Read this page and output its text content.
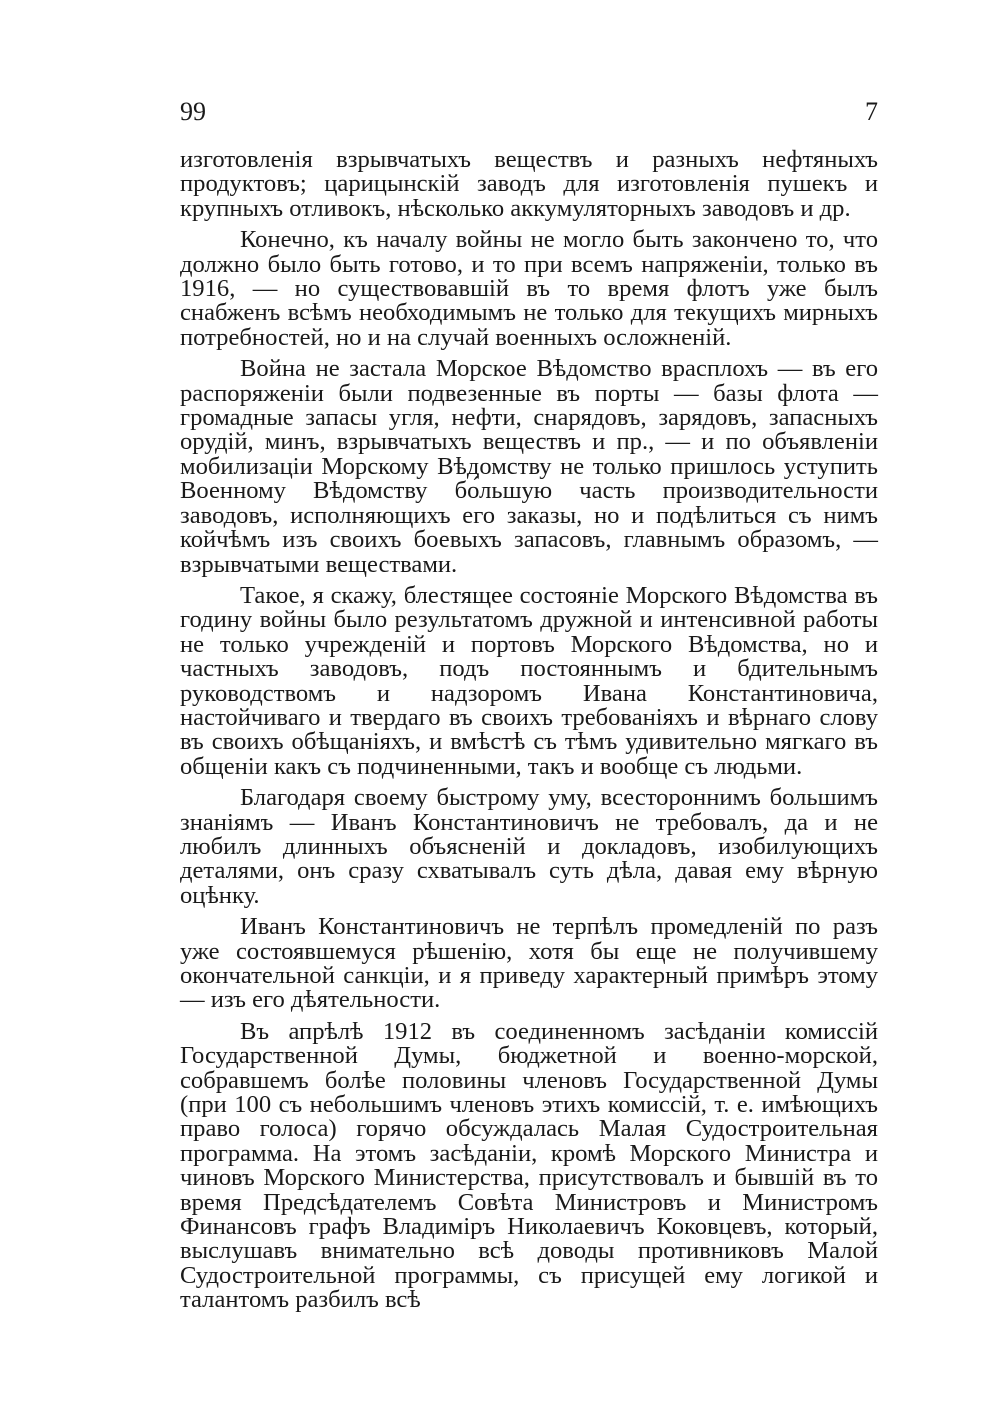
99	7

изготовленія взрывчатыхъ веществъ и разныхъ нефтяныхъ продуктовъ; царицынскій заводъ для изготовленія пушекъ и крупныхъ отливокъ, нѣсколько аккумуляторныхъ заводовъ и др.

Конечно, къ началу войны не могло быть закончено то, что должно было быть готово, и то при всемъ напряженіи, только въ 1916, — но существовавшій въ то время флотъ уже былъ снабженъ всѣмъ необходимымъ не только для текущихъ мирныхъ потребностей, но и на случай военныхъ осложненій.

Война не застала Морское Вѣдомство врасплохъ — въ его распоряженіи были подвезенные въ порты — базы флота — громадные запасы угля, нефти, снарядовъ, зарядовъ, запасныхъ орудій, минъ, взрывчатыхъ веществъ и пр., — и по объявленіи мобилизаціи Морскому Вѣдомству не только пришлось уступить Военному Вѣдомству бо́льшую часть производительности заводовъ, исполняющихъ его заказы, но и подѣлиться съ нимъ койчѣмъ изъ своихъ боевыхъ запасовъ, главнымъ образомъ, — взрывчатыми веществами.

Такое, я скажу, блестящее состояніе Морского Вѣдомства въ годину войны было результатомъ дружной и интенсивной работы не только учрежденій и портовъ Морского Вѣдомства, но и частныхъ заводовъ, подъ постояннымъ и бдительнымъ руководствомъ и надзоромъ Ивана Константиновича, настойчиваго и твердаго въ своихъ требованіяхъ и вѣрнаго слову въ своихъ обѣщаніяхъ, и вмѣстѣ съ тѣмъ удивительно мягкаго въ общеніи какъ съ подчиненными, такъ и вообще съ людьми.

Благодаря своему быстрому уму, всестороннимъ большимъ знаніямъ — Иванъ Константиновичъ не требовалъ, да и не любилъ длинныхъ объясненій и докладовъ, изобилующихъ деталями, онъ сразу схватывалъ суть дѣла, давая ему вѣрную оцѣнку.

Иванъ Константиновичъ не терпѣлъ промедленій по разъ уже состоявшемуся рѣшенію, хотя бы еще не получившему окончательной санкціи, и я приведу характерный примѣръ этому — изъ его дѣятельности.

Въ апрѣлѣ 1912 въ соединенномъ засѣданіи комиссій Государственной Думы, бюджетной и военно-морской, собравшемъ болѣе половины членовъ Государственной Думы (при 100 съ небольшимъ членовъ этихъ комиссій, т. е. имѣющихъ право голоса) горячо обсуждалась Малая Судостроительная программа. На этомъ засѣданіи, кромѣ Морского Министра и чиновъ Морского Министерства, присутствовалъ и бывшій въ то время Предсѣдателемъ Совѣта Министровъ и Министромъ Финансовъ графъ Владиміръ Николаевичъ Коковцевъ, который, выслушавъ внимательно всѣ доводы противниковъ Малой Судостроительной программы, съ присущей ему логикой и талантомъ разбилъ всѣ
